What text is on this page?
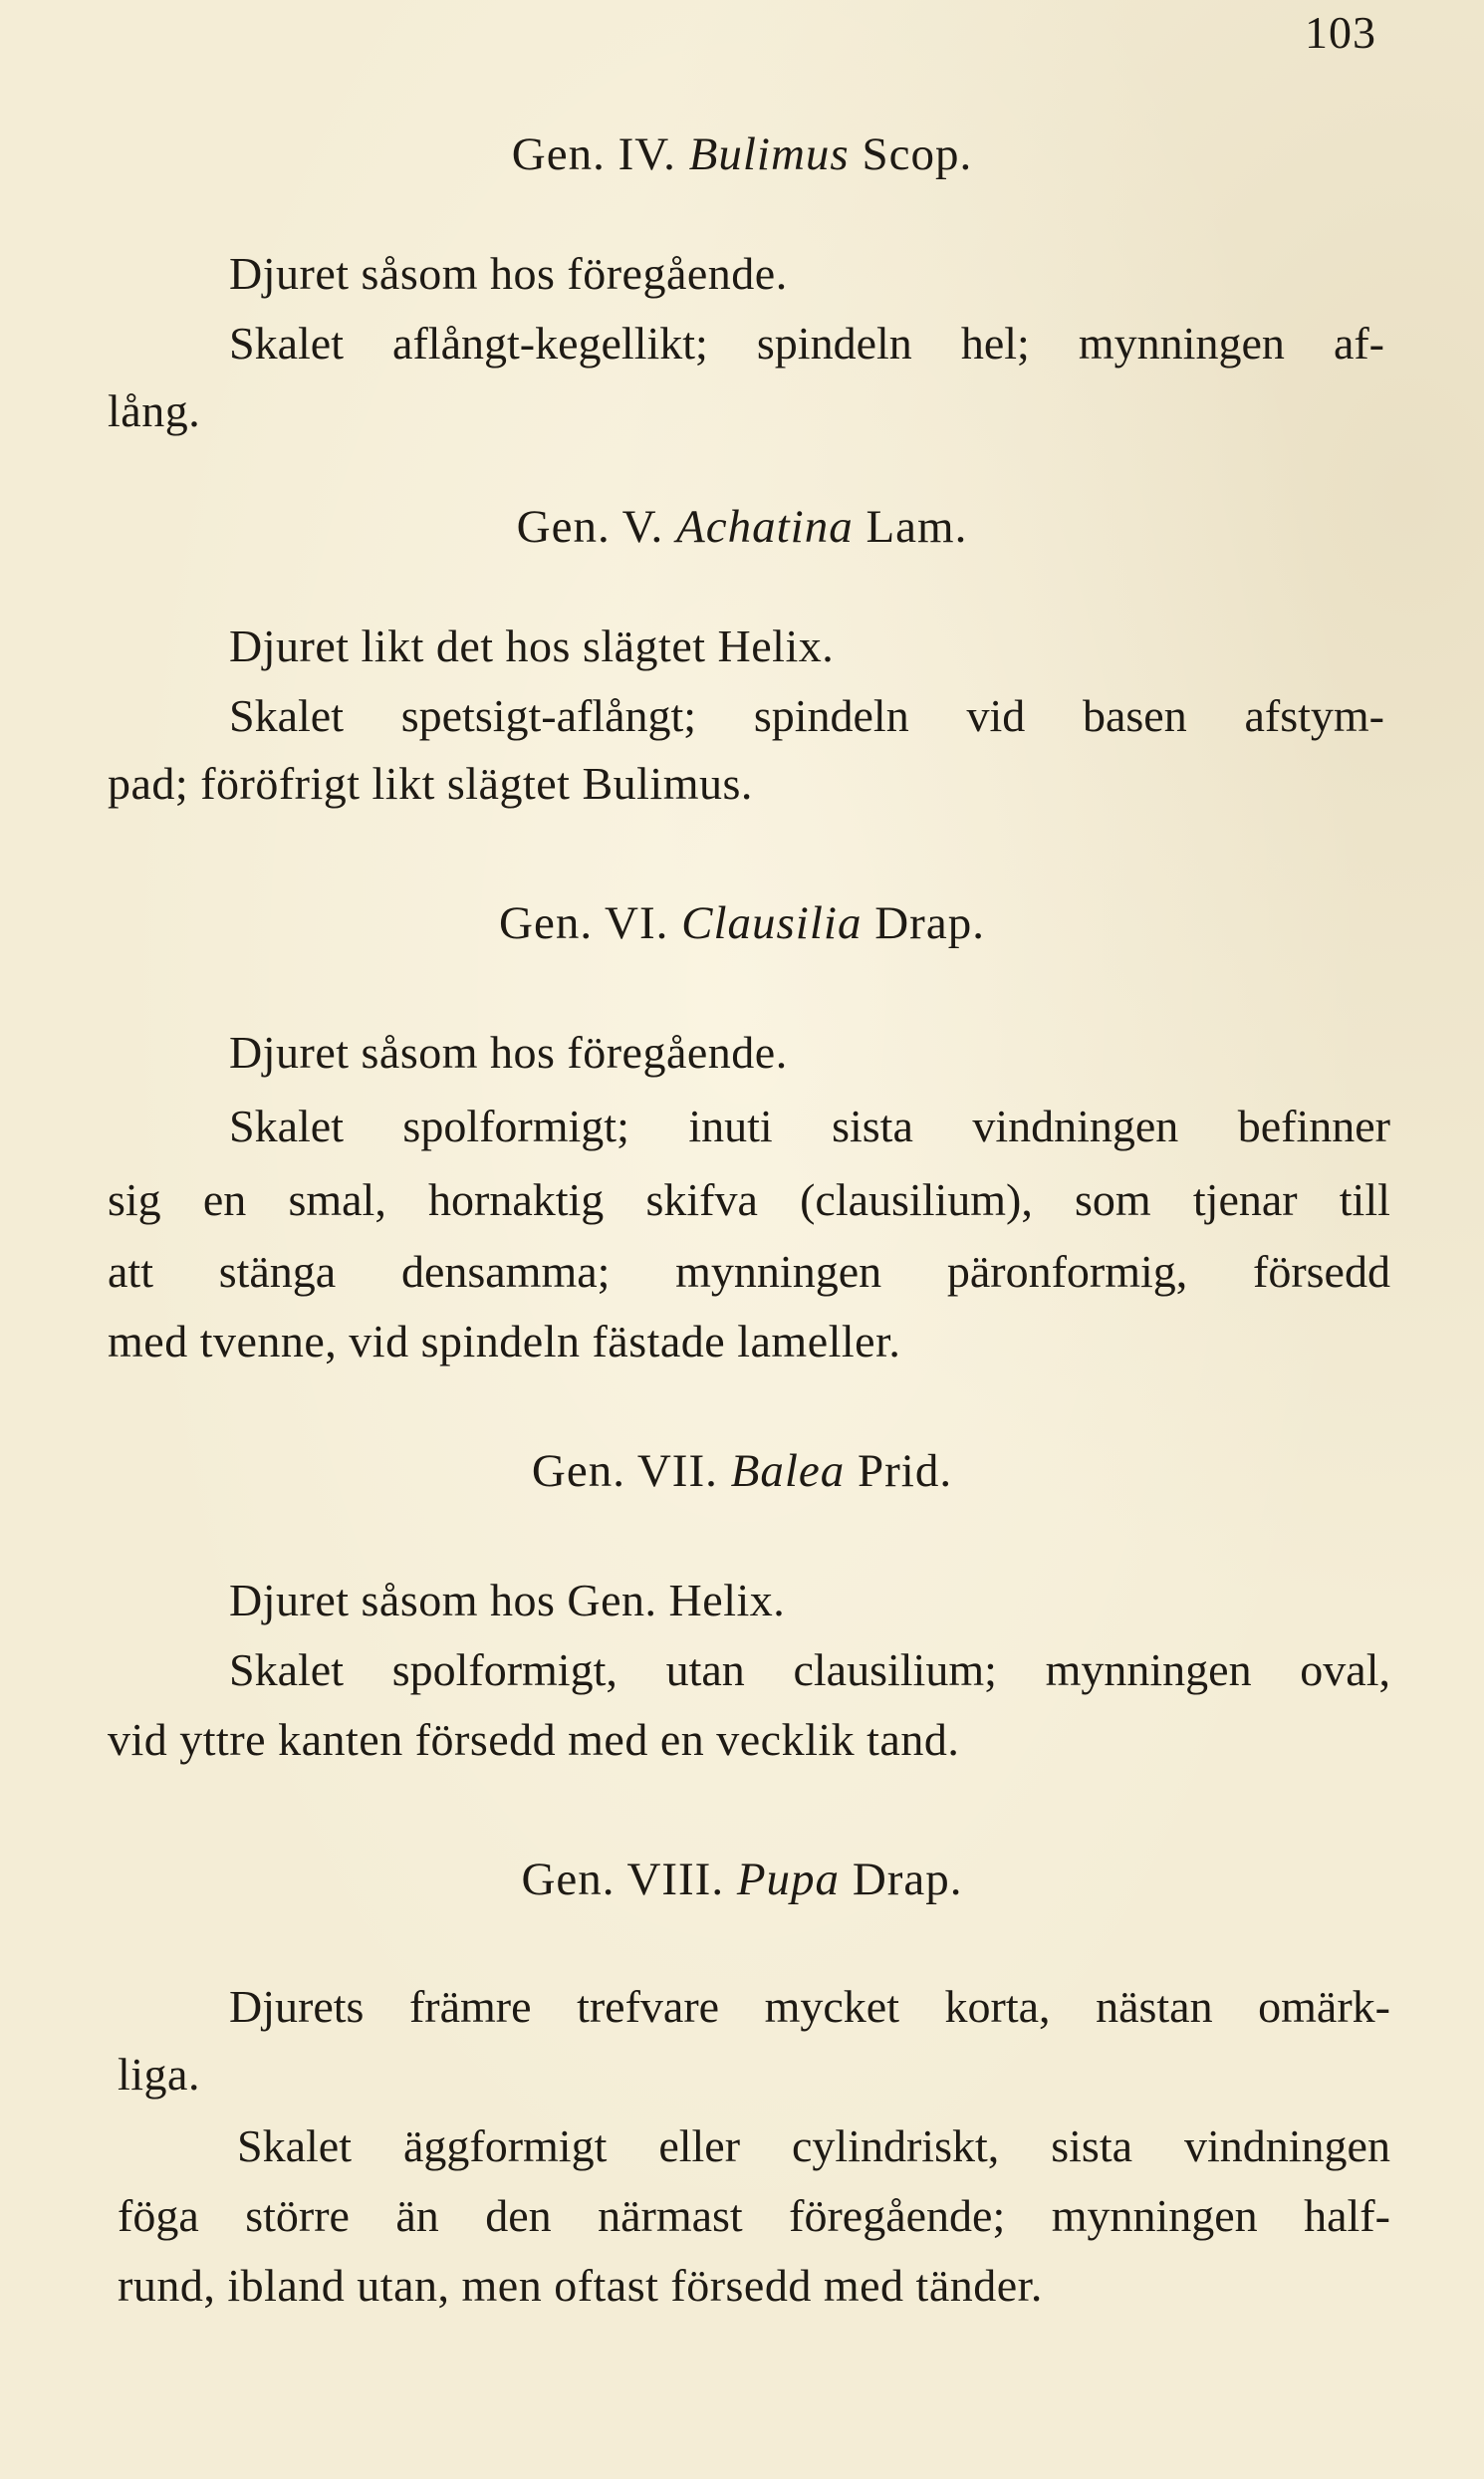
103
Gen. IV. Bulimus Scop.
Djuret såsom hos föregående.
Skalet aflångt-kegellikt; spindeln hel; mynningen af-
lång.
Gen. V. Achatina Lam.
Djuret likt det hos slägtet Helix.
Skalet spetsigt-aflångt; spindeln vid basen afstym-
pad; föröfrigt likt slägtet Bulimus.
Gen. VI. Clausilia Drap.
Djuret såsom hos föregående.
Skalet spolformigt; inuti sista vindningen befinner
sig en smal, hornaktig skifva (clausilium), som tjenar till
att stänga densamma; mynningen päronformig, försedd
med tvenne, vid spindeln fästade lameller.
Gen. VII. Balea Prid.
Djuret såsom hos Gen. Helix.
Skalet spolformigt, utan clausilium; mynningen oval,
vid yttre kanten försedd med en vecklik tand.
Gen. VIII. Pupa Drap.
Djurets främre trefvare mycket korta, nästan omärk-
liga.
Skalet äggformigt eller cylindriskt, sista vindningen
föga större än den närmast föregående; mynningen half-
rund, ibland utan, men oftast försedd med tänder.
